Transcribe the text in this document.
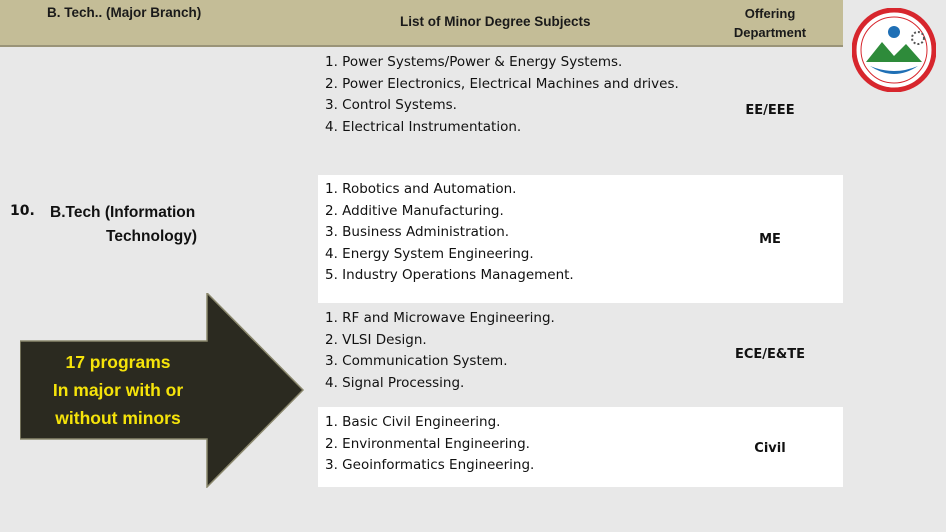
B. Tech.. (Major Branch)
List of Minor Degree Subjects
Offering
Department
10. B.Tech (Information
Technology)
1. Power Systems/Power & Energy Systems.
2. Power Electronics, Electrical Machines and drives.
3. Control Systems.
4. Electrical Instrumentation.
EE/EEE
1. Robotics and Automation.
2. Additive Manufacturing.
3. Business Administration.
4. Energy System Engineering.
5. Industry Operations Management.
ME
1. RF and Microwave Engineering.
2. VLSI Design.
3. Communication System.
4. Signal Processing.
ECE/E&TE
1. Basic Civil Engineering.
2. Environmental Engineering.
3. Geoinformatics Engineering.
Civil
17 programs
In major with or
without minors
